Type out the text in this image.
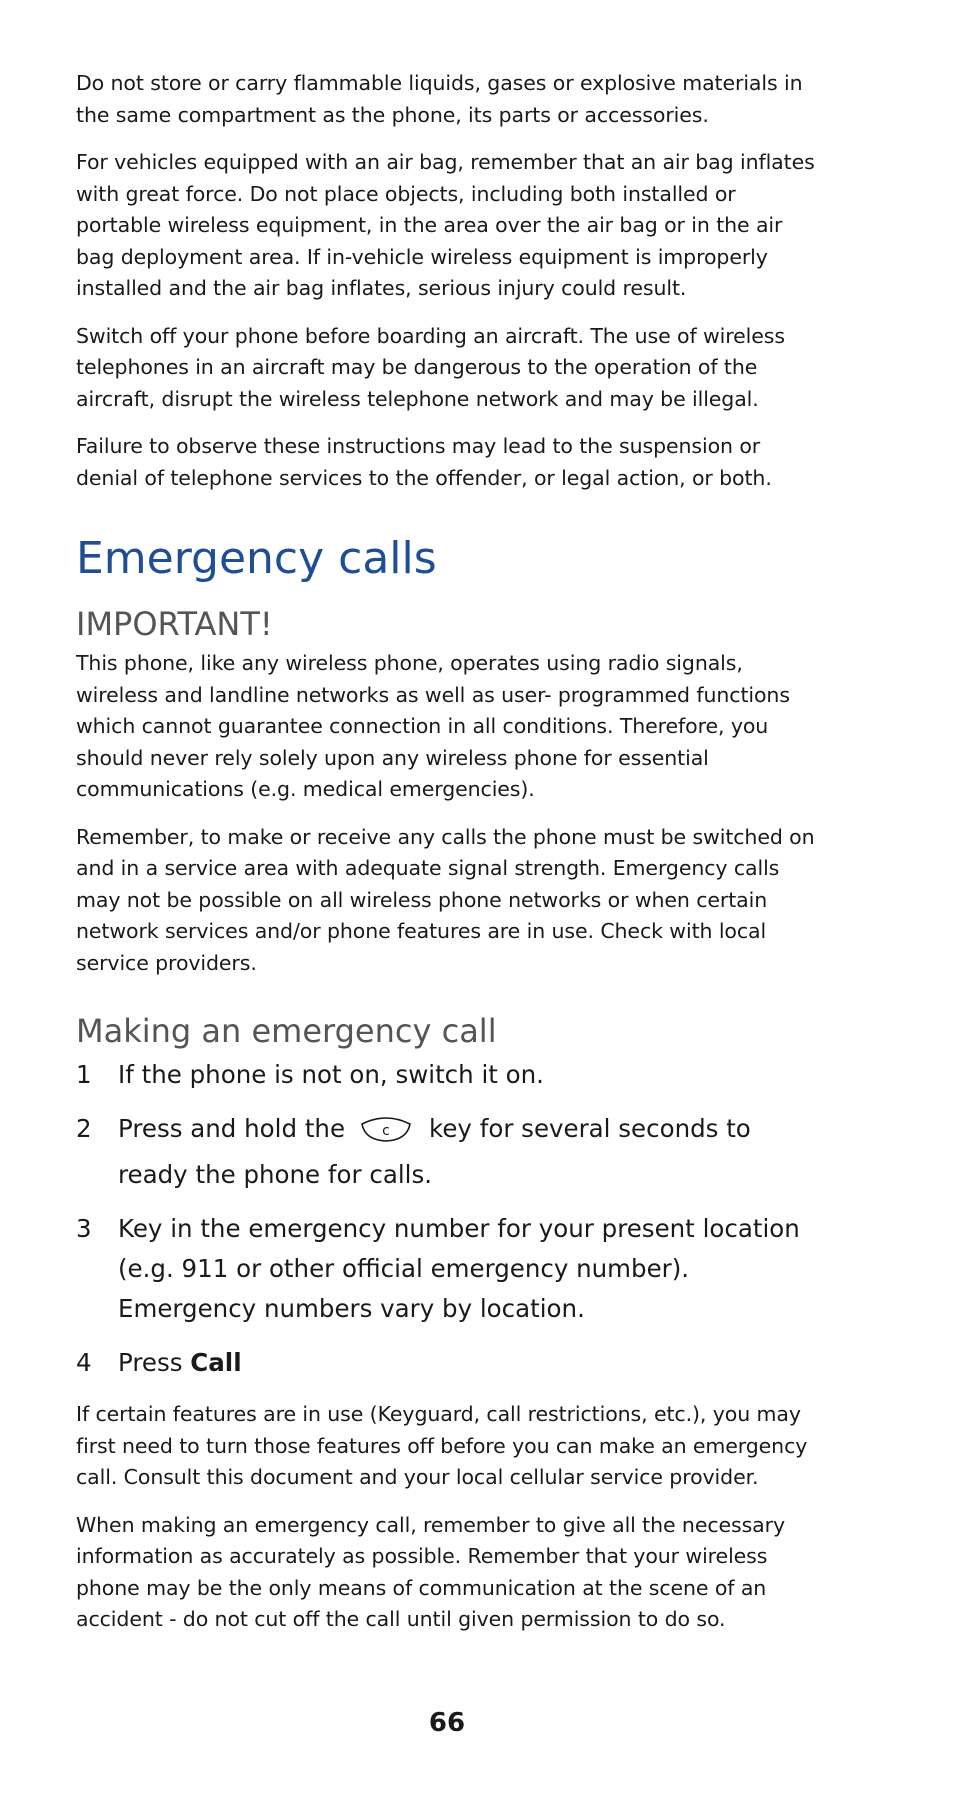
Do not store or carry flammable liquids, gases or explosive materials in the same compartment as the phone, its parts or accessories.

For vehicles equipped with an air bag, remember that an air bag inflates with great force. Do not place objects, including both installed or portable wireless equipment, in the area over the air bag or in the air bag deployment area. If in-vehicle wireless equipment is improperly installed and the air bag inflates, serious injury could result.

Switch off your phone before boarding an aircraft. The use of wireless telephones in an aircraft may be dangerous to the operation of the aircraft, disrupt the wireless telephone network and may be illegal.

Failure to observe these instructions may lead to the suspension or denial of telephone services to the offender, or legal action, or both.

Emergency calls
IMPORTANT!

This phone, like any wireless phone, operates using radio signals, wireless and landline networks as well as user- programmed functions which cannot guarantee connection in all conditions. Therefore, you should never rely solely upon any wireless phone for essential communications (e.g. medical emergencies).

Remember, to make or receive any calls the phone must be switched on and in a service area with adequate signal strength. Emergency calls may not be possible on all wireless phone networks or when certain network services and/or phone features are in use. Check with local service providers.

Making an emergency call
1	If the phone is not on, switch it on.
2	Press and hold the	c key for several seconds to ready the phone for calls.
3	Key in the emergency number for your present location (e.g. 911 or other official emergency number). Emergency numbers vary by location.
4	Press Call

If certain features are in use (Keyguard, call restrictions, etc.), you may first need to turn those features off before you can make an emergency call. Consult this document and your local cellular service provider.

When making an emergency call, remember to give all the necessary information as accurately as possible. Remember that your wireless phone may be the only means of communication at the scene of an accident - do not cut off the call until given permission to do so.

66
